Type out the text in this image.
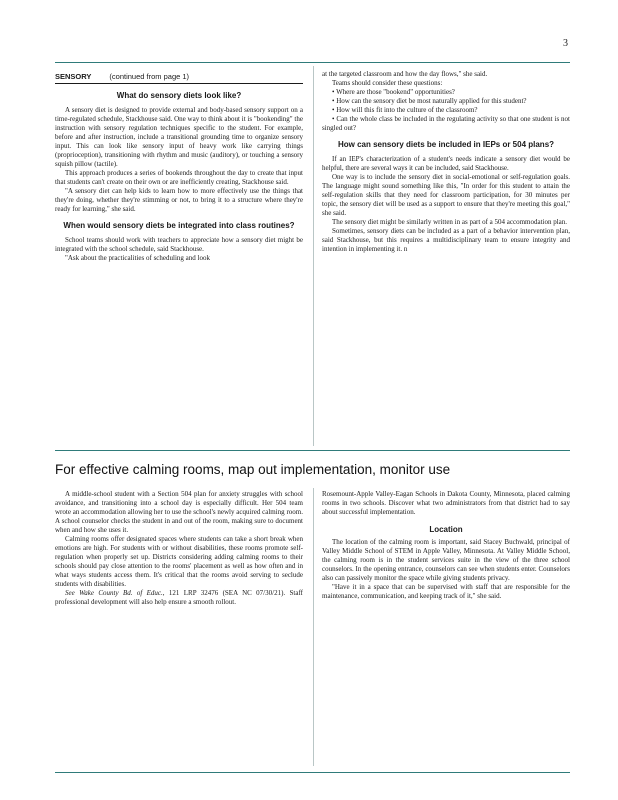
3
SENSORY (continued from page 1)
What do sensory diets look like?

A sensory diet is designed to provide external and body-based sensory support on a time-regulated schedule, Stackhouse said. One way to think about it is "bookending" the instruction with sensory regulation techniques specific to the student. For example, before and after instruction, include a transitional grounding time to organize sensory input. This can look like sensory input of heavy work like carrying things (proprioception), transitioning with rhythm and music (auditory), or touching a sensory squish pillow (tactile).

This approach produces a series of bookends throughout the day to create that input that students can't create on their own or are inefficiently creating, Stackhouse said.

"A sensory diet can help kids to learn how to more effectively use the things that they're doing, whether they're stimming or not, to bring it to a structure where they're ready for learning," she said.

When would sensory diets be integrated into class routines?

School teams should work with teachers to appreciate how a sensory diet might be integrated with the school schedule, said Stackhouse.

"Ask about the practicalities of scheduling and look

at the targeted classroom and how the day flows," she said.

Teams should consider these questions:

• Where are those "bookend" opportunities?

• How can the sensory diet be most naturally applied for this student?

• How will this fit into the culture of the classroom?

• Can the whole class be included in the regulating activity so that one student is not singled out?

How can sensory diets be included in IEPs or 504 plans?

If an IEP's characterization of a student's needs indicate a sensory diet would be helpful, there are several ways it can be included, said Stackhouse.

One way is to include the sensory diet in social-emotional or self-regulation goals. The language might sound something like this, "In order for this student to attain the self-regulation skills that they need for classroom participation, for 30 minutes per topic, the sensory diet will be used as a support to ensure that they're meeting this goal," she said.

The sensory diet might be similarly written in as part of a 504 accommodation plan.

Sometimes, sensory diets can be included as a part of a behavior intervention plan, said Stackhouse, but this requires a multidisciplinary team to ensure integrity and intention in implementing it. n

For effective calming rooms, map out implementation, monitor use

A middle-school student with a Section 504 plan for anxiety struggles with school avoidance, and transitioning into a school day is especially difficult. Her 504 team wrote an accommodation allowing her to use the school's newly acquired calming room. A school counselor checks the student in and out of the room, making sure to document when and how she uses it.

Calming rooms offer designated spaces where students can take a short break when emotions are high. For students with or without disabilities, these rooms promote self-regulation when properly set up. Districts considering adding calming rooms to their schools should pay close attention to the rooms' placement as well as how often and in what ways students access them. It's critical that the rooms avoid serving to seclude students with disabilities.

See Wake County Bd. of Educ., 121 LRP 32476 (SEA NC 07/30/21). Staff professional development will also help ensure a smooth rollout.

Rosemount-Apple Valley-Eagan Schools in Dakota County, Minnesota, placed calming rooms in two schools. Discover what two administrators from that district had to say about successful implementation.

Location

The location of the calming room is important, said Stacey Buchwald, principal of Valley Middle School of STEM in Apple Valley, Minnesota. At Valley Middle School, the calming room is in the student services suite in the view of the three school counselors. In the opening entrance, counselors can see when students enter. Counselors also can passively monitor the space while giving students privacy.

"Have it in a space that can be supervised with staff that are responsible for the maintenance, communication, and keeping track of it," she said.
